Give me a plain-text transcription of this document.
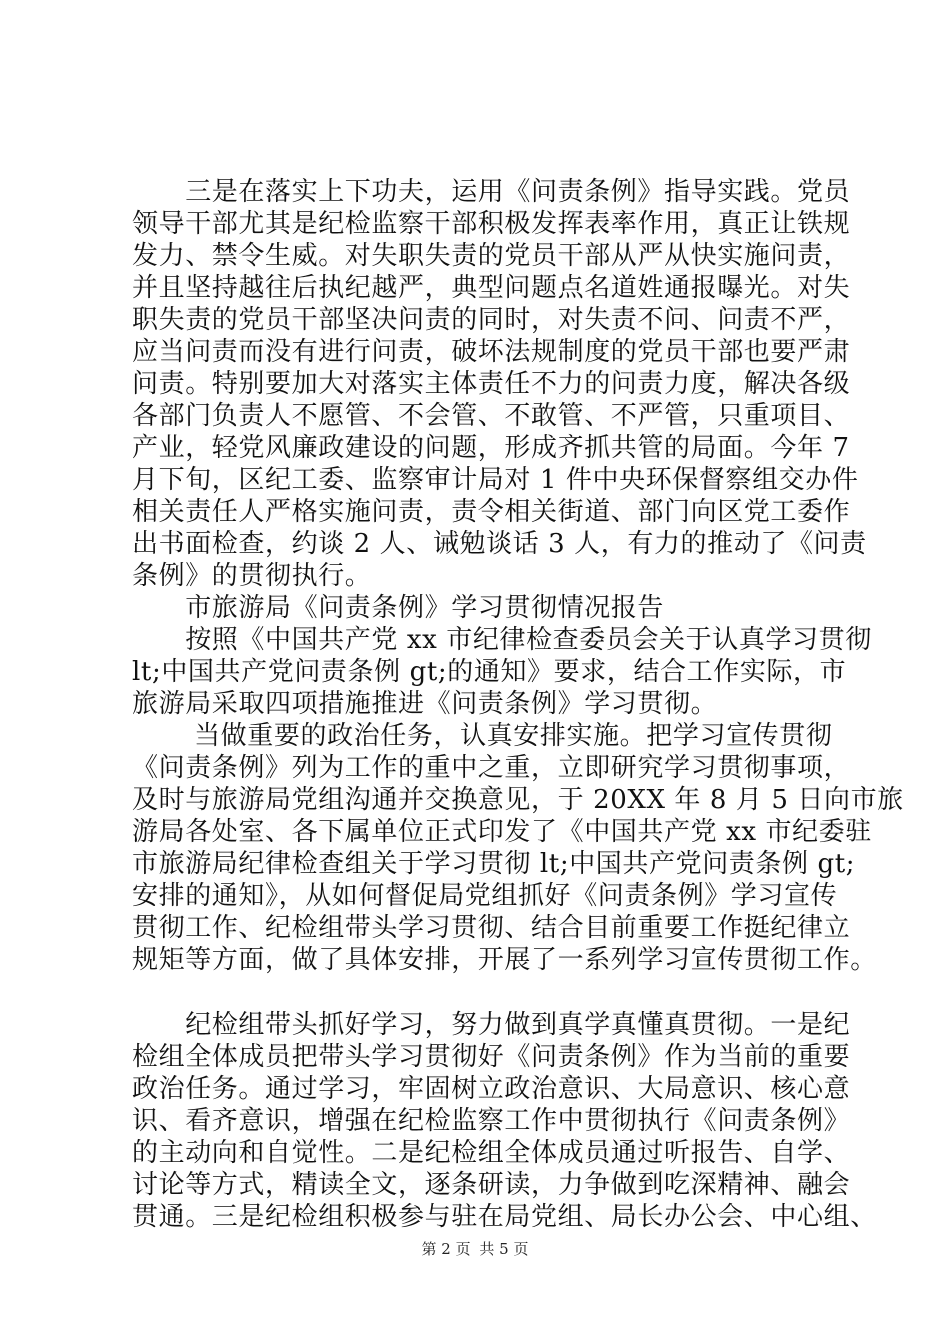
　　三是在落实上下功夫，运用《问责条例》指导实践。党员
领导干部尤其是纪检监察干部积极发挥表率作用，真正让铁规
发力、禁令生威。对失职失责的党员干部从严从快实施问责，
并且坚持越往后执纪越严，典型问题点名道姓通报曝光。对失
职失责的党员干部坚决问责的同时，对失责不问、问责不严，
应当问责而没有进行问责，破坏法规制度的党员干部也要严肃
问责。特别要加大对落实主体责任不力的问责力度，解决各级
各部门负责人不愿管、不会管、不敢管、不严管，只重项目、
产业，轻党风廉政建设的问题，形成齐抓共管的局面。今年 7
月下旬，区纪工委、监察审计局对 1 件中央环保督察组交办件
相关责任人严格实施问责，责令相关街道、部门向区党工委作
出书面检查，约谈 2 人、诫勉谈话 3 人，有力的推动了《问责
条例》的贯彻执行。
　　市旅游局《问责条例》学习贯彻情况报告
　　按照《中国共产党 xx 市纪律检查委员会关于认真学习贯彻
lt;中国共产党问责条例 gt;的通知》要求，结合工作实际，市
旅游局采取四项措施推进《问责条例》学习贯彻。
　　 当做重要的政治任务，认真安排实施。把学习宣传贯彻
《问责条例》列为工作的重中之重，立即研究学习贯彻事项，
及时与旅游局党组沟通并交换意见，于 20XX 年 8 月 5 日向市旅
游局各处室、各下属单位正式印发了《中国共产党 xx 市纪委驻
市旅游局纪律检查组关于学习贯彻 lt;中国共产党问责条例 gt;
安排的通知》，从如何督促局党组抓好《问责条例》学习宣传
贯彻工作、纪检组带头学习贯彻、结合目前重要工作挺纪律立
规矩等方面，做了具体安排，开展了一系列学习宣传贯彻工作。
　　纪检组带头抓好学习，努力做到真学真懂真贯彻。一是纪
检组全体成员把带头学习贯彻好《问责条例》作为当前的重要
政治任务。通过学习，牢固树立政治意识、大局意识、核心意
识、看齐意识，增强在纪检监察工作中贯彻执行《问责条例》
的主动向和自觉性。二是纪检组全体成员通过听报告、自学、
讨论等方式，精读全文，逐条研读，力争做到吃深精神、融会
贯通。三是纪检组积极参与驻在局党组、局长办公会、中心组、
第 2 页 共 5 页
